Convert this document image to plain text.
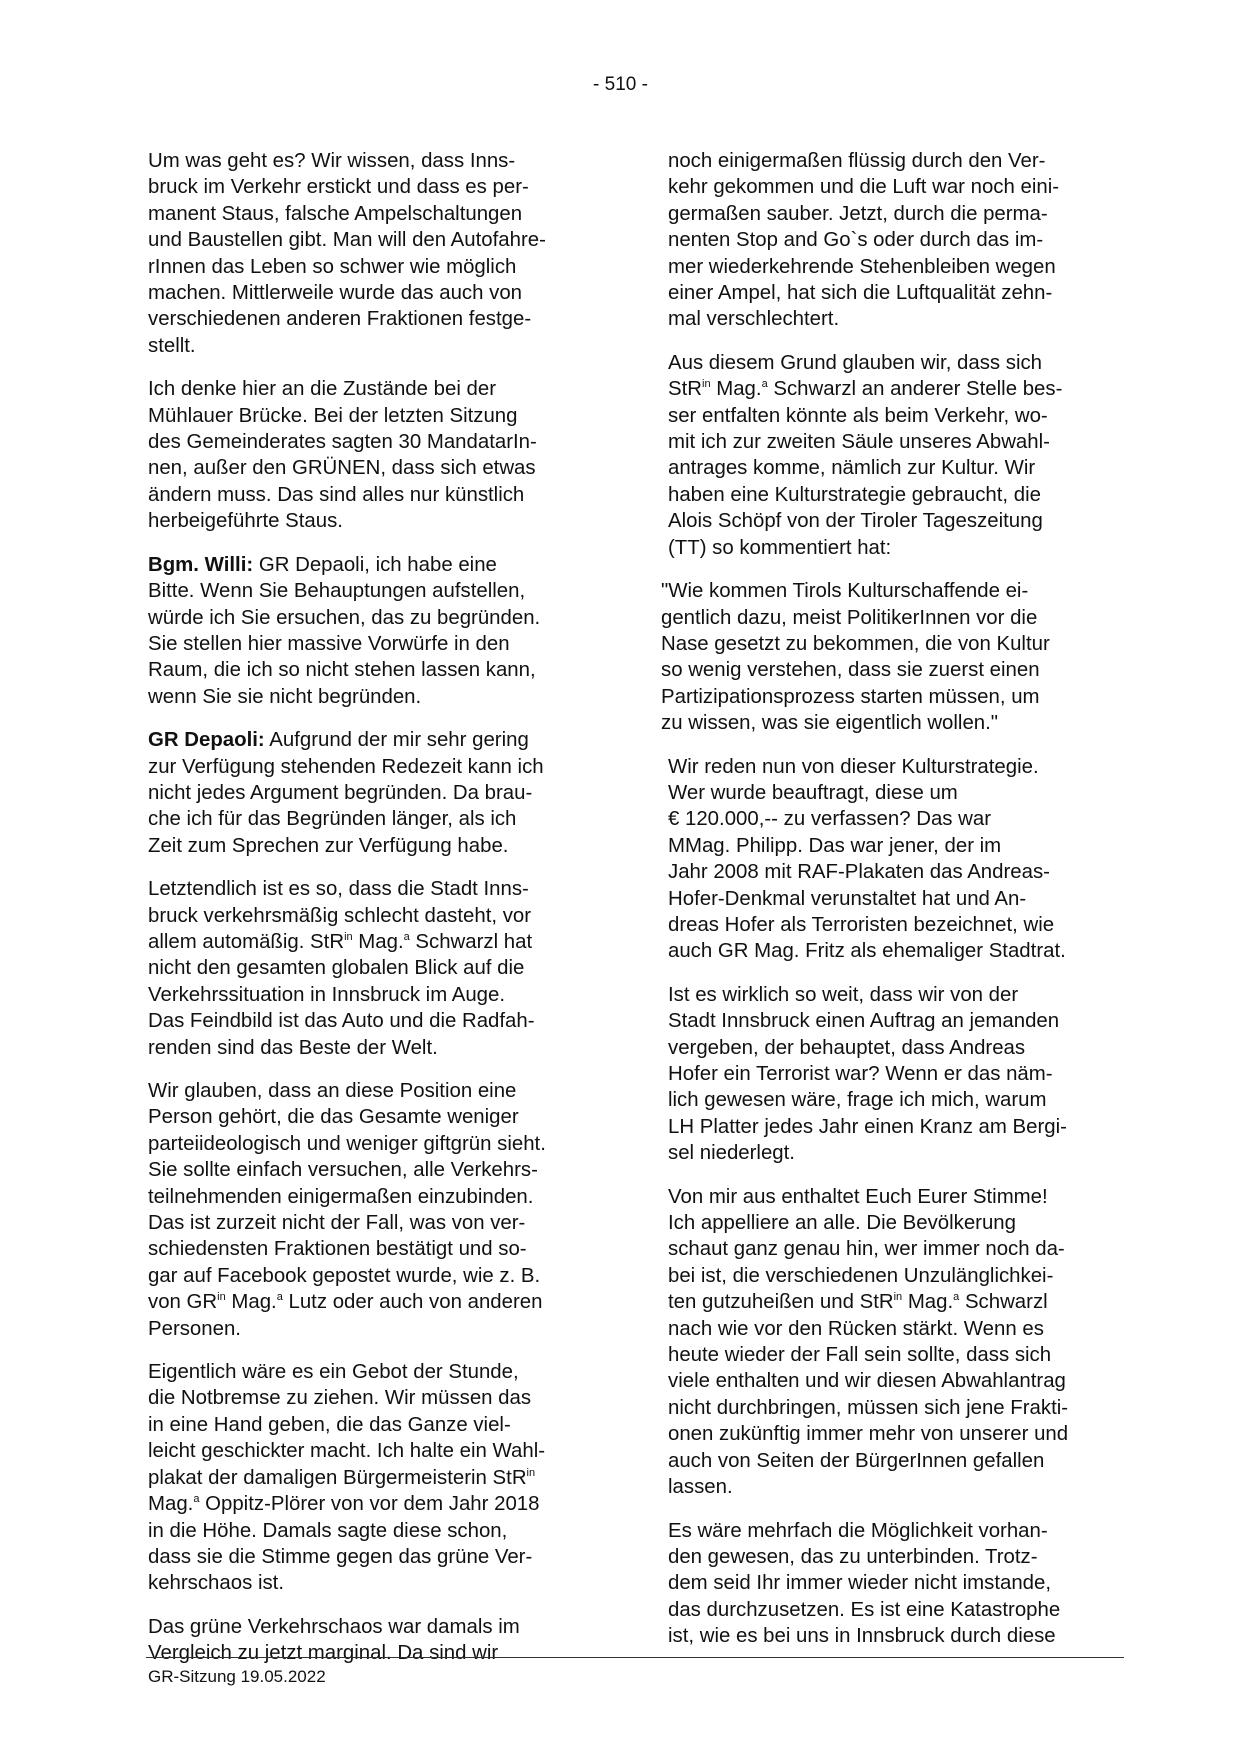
- 510 -

Um was geht es? Wir wissen, dass Inns-
bruck im Verkehr erstickt und dass es per-
manent Staus, falsche Ampelschaltungen
und Baustellen gibt. Man will den Autofahre-
rInnen das Leben so schwer wie möglich
machen. Mittlerweile wurde das auch von
verschiedenen anderen Fraktionen festge-
stellt.

Ich denke hier an die Zustände bei der
Mühlauer Brücke. Bei der letzten Sitzung
des Gemeinderates sagten 30 MandatarIn-
nen, außer den GRÜNEN, dass sich etwas
ändern muss. Das sind alles nur künstlich
herbeigeführte Staus.

Bgm. Willi: GR Depaoli, ich habe eine
Bitte. Wenn Sie Behauptungen aufstellen,
würde ich Sie ersuchen, das zu begründen.
Sie stellen hier massive Vorwürfe in den
Raum, die ich so nicht stehen lassen kann,
wenn Sie sie nicht begründen.

GR Depaoli: Aufgrund der mir sehr gering
zur Verfügung stehenden Redezeit kann ich
nicht jedes Argument begründen. Da brau-
che ich für das Begründen länger, als ich
Zeit zum Sprechen zur Verfügung habe.

Letztendlich ist es so, dass die Stadt Inns-
bruck verkehrsmäßig schlecht dasteht, vor
allem automäßig. StR$^{in}$ Mag.$^a$ Schwarzl hat
nicht den gesamten globalen Blick auf die
Verkehrssituation in Innsbruck im Auge.
Das Feindbild ist das Auto und die Radfah-
renden sind das Beste der Welt.

Wir glauben, dass an diese Position eine
Person gehört, die das Gesamte weniger
parteiideologisch und weniger giftgrün sieht.
Sie sollte einfach versuchen, alle Verkehrs-
teilnehmenden einigermaßen einzubinden.
Das ist zurzeit nicht der Fall, was von ver-
schiedensten Fraktionen bestätigt und so-
gar auf Facebook gepostet wurde, wie z. B.
von $GR^{in}$ Mag.$^a$ Lutz oder auch von anderen
Personen.

Eigentlich wäre es ein Gebot der Stunde,
die Notbremse zu ziehen. Wir müssen das
in eine Hand geben, die das Ganze viel-
leicht geschickter macht. Ich halte ein Wahl-
plakat der damaligen Bürgermeisterin StR$^{in}$
Mag.$^a$ Oppitz-Plörer von vor dem Jahr 2018
in die Höhe. Damals sagte diese schon,
dass sie die Stimme gegen das grüne Ver-
kehrschaos ist.

Das grüne Verkehrschaos war damals im
Vergleich zu jetzt marginal. Da sind wir

noch einigermaßen flüssig durch den Ver-
kehr gekommen und die Luft war noch eini-
germaßen sauber. Jetzt, durch die perma-
nenten Stop and Go`s oder durch das im-
mer wiederkehrende Stehenbleiben wegen
einer Ampel, hat sich die Luftqualität zehn-
mal verschlechtert.

Aus diesem Grund glauben wir, dass sich
StR$^{in}$ Mag.$^a$ Schwarzl an anderer Stelle bes-
ser entfalten könnte als beim Verkehr, wo-
mit ich zur zweiten Säule unseres Abwahl-
antrages komme, nämlich zur Kultur. Wir
haben eine Kulturstrategie gebraucht, die
Alois Schöpf von der Tiroler Tageszeitung
(TT) so kommentiert hat:

"Wie kommen Tirols Kulturschaffende ei-
gentlich dazu, meist PolitikerInnen vor die
Nase gesetzt zu bekommen, die von Kultur
so wenig verstehen, dass sie zuerst einen
Partizipationsprozess starten müssen, um
zu wissen, was sie eigentlich wollen."

Wir reden nun von dieser Kulturstrategie.
Wer wurde beauftragt, diese um
€ 120.000,-- zu verfassen? Das war
MMag. Philipp. Das war jener, der im
Jahr 2008 mit RAF-Plakaten das Andreas-
Hofer-Denkmal verunstaltet hat und An-
dreas Hofer als Terroristen bezeichnet, wie
auch GR Mag. Fritz als ehemaliger Stadtrat.

Ist es wirklich so weit, dass wir von der
Stadt Innsbruck einen Auftrag an jemanden
vergeben, der behauptet, dass Andreas
Hofer ein Terrorist war? Wenn er das näm-
lich gewesen wäre, frage ich mich, warum
LH Platter jedes Jahr einen Kranz am Bergi-
sel niederlegt.

Von mir aus enthaltet Euch Eurer Stimme!
Ich appelliere an alle. Die Bevölkerung
schaut ganz genau hin, wer immer noch da-
bei ist, die verschiedenen Unzulänglichkei-
ten gutzuheißen und StR$^{in}$ Mag.$^a$ Schwarzl
nach wie vor den Rücken stärkt. Wenn es
heute wieder der Fall sein sollte, dass sich
viele enthalten und wir diesen Abwahlantrag
nicht durchbringen, müssen sich jene Frakti-
onen zukünftig immer mehr von unserer und
auch von Seiten der BürgerInnen gefallen
lassen.

Es wäre mehrfach die Möglichkeit vorhan-
den gewesen, das zu unterbinden. Trotz-
dem seid Ihr immer wieder nicht imstande,
das durchzusetzen. Es ist eine Katastrophe
ist, wie es bei uns in Innsbruck durch diese

GR-Sitzung 19.05.2022
